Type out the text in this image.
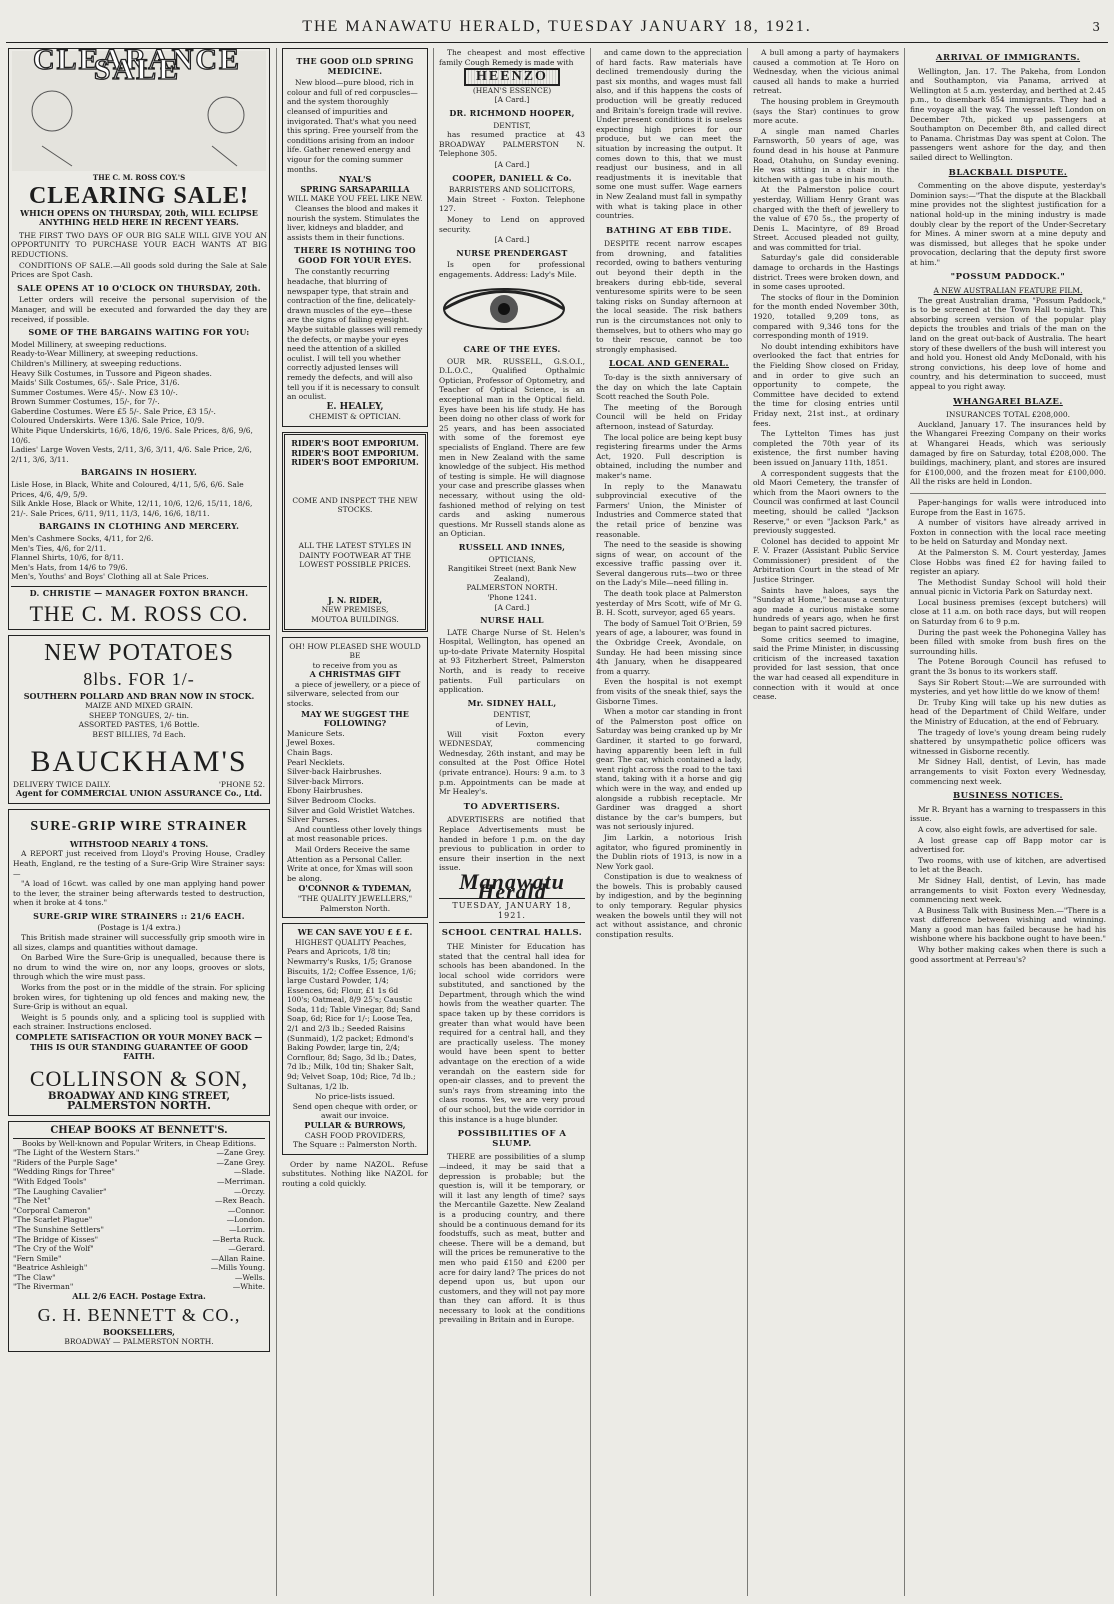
THE MANAWATU HERALD, TUESDAY JANUARY 18, 1921.	3
CLEARANCE SALE
THE C. M. ROSS COY.'S
CLEARING SALE!
WHICH OPENS ON THURSDAY, 20th, WILL ECLIPSE ANYTHING HELD HERE IN RECENT YEARS.
THE FIRST TWO DAYS OF OUR BIG SALE WILL GIVE YOU AN OPPORTUNITY TO PURCHASE YOUR EACH WANTS AT BIG REDUCTIONS.
CONDITIONS OF SALE.—All goods sold during the Sale at Sale Prices are Spot Cash.
SALE OPENS AT 10 O'CLOCK ON THURSDAY, 20th.
Letter orders will receive the personal supervision of the Manager, and will be executed and forwarded the day they are received, if possible.
SOME OF THE BARGAINS WAITING FOR YOU:
Model Millinery, at sweeping reductions.
Ready-to-Wear Millinery, at sweeping reductions.
Children's Millinery, at sweeping reductions.
Heavy Silk Costumes, in Tussore and Pigeon shades.
Maids' Silk Costumes, 65/-. Sale Price, 31/6.
Summer Costumes. Were 45/-. Now £3 10/-.
Brown Summer Costumes, 15/-, for 7/-.
Gaberdine Costumes. Were £5 5/-. Sale Price, £3 15/-.
Coloured Underskirts. Were 13/6. Sale Price, 10/9.
White Pique Underskirts, 16/6, 18/6, 19/6. Sale Prices, 8/6, 9/6, 10/6.
Ladies' Large Woven Vests, 2/11, 3/6, 3/11, 4/6. Sale Price, 2/6, 2/11, 3/6, 3/11.
BARGAINS IN HOSIERY.
Lisle Hose, in Black, White and Coloured, 4/11, 5/6, 6/6. Sale Prices, 4/6, 4/9, 5/9.
Silk Ankle Hose, Black or White, 12/11, 10/6, 12/6, 15/11, 18/6, 21/-. Sale Prices, 6/11, 9/11, 11/3, 14/6, 16/6, 18/11.
BARGAINS IN CLOTHING AND MERCERY.
Men's Cashmere Socks, 4/11, for 2/6.
Men's Ties, 4/6, for 2/11.
Flannel Shirts, 10/6, for 8/11.
Men's Hats, from 14/6 to 79/6.
Men's, Youths' and Boys' Clothing all at Sale Prices.
D. CHRISTIE — MANAGER FOXTON BRANCH.
THE C. M. ROSS CO.
NEW POTATOES
8lbs. FOR 1/-
SOUTHERN POLLARD AND BRAN NOW IN STOCK.
MAIZE AND MIXED GRAIN.
SHEEP TONGUES, 2/- tin.
ASSORTED PASTES, 1/6 Bottle.
BEST BILLIES, 7d Each.
BAUCKHAM'S
DELIVERY TWICE DAILY.	'PHONE 52.
Agent for COMMERCIAL UNION ASSURANCE Co., Ltd.
SURE-GRIP WIRE STRAINER
WITHSTOOD NEARLY 4 TONS.
A REPORT just received from Lloyd's Proving House, Cradley Heath, England, re the testing of a Sure-Grip Wire Strainer says:—
"A load of 16cwt. was called by one man applying hand power to the lever, the strainer being afterwards tested to destruction, when it broke at 4 tons."
SURE-GRIP WIRE STRAINERS :: 21/6 EACH.
(Postage is 1/4 extra.)
This British made strainer will successfully grip smooth wire in all sizes, clamps and quantities without damage.
On Barbed Wire the Sure-Grip is unequalled, because there is no drum to wind the wire on, nor any loops, grooves or slots, through which the wire must pass.
Works from the post or in the middle of the strain. For splicing broken wires, for tightening up old fences and making new, the Sure-Grip is without an equal.
Weight is 5 pounds only, and a splicing tool is supplied with each strainer. Instructions enclosed.
COMPLETE SATISFACTION OR YOUR MONEY BACK —THIS IS OUR STANDING GUARANTEE OF GOOD FAITH.
COLLINSON & SON,
BROADWAY AND KING STREET,
PALMERSTON NORTH.
CHEAP BOOKS AT BENNETT'S.
Books by Well-known and Popular Writers, in Cheap Editions.
"The Light of the Western Stars."	—Zane Grey.
"Riders of the Purple Sage"	—Zane Grey.
"Wedding Rings for Three"	—Slade.
"With Edged Tools"	—Merriman.
"The Laughing Cavalier"	—Orczy.
"The Net"	—Rex Beach.
"Corporal Cameron"	—Connor.
"The Scarlet Plague"	—London.
"The Sunshine Settlers"	—Lorrim.
"The Bridge of Kisses"	—Berta Ruck.
"The Cry of the Wolf"	—Gerard.
"Fern Smile"	—Allan Raine.
"Beatrice Ashleigh"	—Mills Young.
"The Claw"	—Wells.
"The Riverman"	—White.
ALL 2/6 EACH. Postage Extra.
G. H. BENNETT & CO.,
BOOKSELLERS,
BROADWAY — PALMERSTON NORTH.
THE GOOD OLD SPRING MEDICINE.
New blood—pure blood, rich in colour and full of red corpuscles—and the system thoroughly cleansed of impurities and invigorated. That's what you need this spring. Free yourself from the conditions arising from an indoor life. Gather renewed energy and vigour for the coming summer months.
NYAL'S
SPRING SARSAPARILLA
WILL MAKE YOU FEEL LIKE NEW.
Cleanses the blood and makes it nourish the system. Stimulates the liver, kidneys and bladder, and assists them in their functions.
THERE IS NOTHING TOO GOOD FOR YOUR EYES.
The constantly recurring headache, that blurring of newspaper type, that strain and contraction of the fine, delicately-drawn muscles of the eye—these are the signs of failing eyesight. Maybe suitable glasses will remedy the defects, or maybe your eyes need the attention of a skilled oculist. I will tell you whether correctly adjusted lenses will remedy the defects, and will also tell you if it is necessary to consult an oculist.
E. HEALEY,
CHEMIST & OPTICIAN.
RIDER'S BOOT EMPORIUM.
RIDER'S BOOT EMPORIUM.
RIDER'S BOOT EMPORIUM.
COME AND INSPECT THE NEW STOCKS.
ALL THE LATEST STYLES IN DAINTY FOOTWEAR AT THE LOWEST POSSIBLE PRICES.
J. N. RIDER,
NEW PREMISES,
MOUTOA BUILDINGS.
OH! HOW PLEASED SHE WOULD BE
to receive from you as
A CHRISTMAS GIFT
a piece of jewellery, or a piece of silverware, selected from our stocks.
MAY WE SUGGEST THE FOLLOWING?
Manicure Sets.
Jewel Boxes.
Chain Bags.
Pearl Necklets.
Silver-back Hairbrushes.
Silver-back Mirrors.
Ebony Hairbrushes.
Silver Bedroom Clocks.
Silver and Gold Wristlet Watches.
Silver Purses.
And countless other lovely things at most reasonable prices.
Mail Orders Receive the same Attention as a Personal Caller. Write at once, for Xmas will soon be along.
O'CONNOR & TYDEMAN,
"THE QUALITY JEWELLERS,"
Palmerston North.
WE CAN SAVE YOU £ £ £.
HIGHEST QUALITY Peaches, Pears and Apricots, 1/8 tin; Newmarry's Rusks, 1/5; Granose Biscuits, 1/2; Coffee Essence, 1/6; large Custard Powder, 1/4; Essences, 6d; Flour, £1 1s 6d 100's; Oatmeal, 8/9 25's; Caustic Soda, 11d; Table Vinegar, 8d; Sand Soap, 6d; Rice for 1/-; Loose Tea, 2/1 and 2/3 lb.; Seeded Raisins (Sunmaid), 1/2 packet; Edmond's Baking Powder, large tin, 2/4; Cornflour, 8d; Sago, 3d lb.; Dates, 7d lb.; Milk, 10d tin; Shaker Salt, 9d; Velvet Soap, 10d; Rice, 7d lb.; Sultanas, 1/2 lb.
No price-lists issued.
Send open cheque with order, or await our invoice.
PULLAR & BURROWS,
CASH FOOD PROVIDERS,
The Square :: Palmerston North.
Order by name NAZOL. Refuse substitutes. Nothing like NAZOL for routing a cold quickly.
The cheapest and most effective family Cough Remedy is made with
HEENZO
(HEAN'S ESSENCE)
[A Card.]
DR. RICHMOND HOOPER,
DENTIST,
has resumed practice at 43 BROADWAY PALMERSTON N. Telephone 305.
[A Card.]
COOPER, DANIELL & Co.
BARRISTERS AND SOLICITORS,
Main Street - Foxton. Telephone 127.
Money to Lend on approved security.
[A Card.]
NURSE PRENDERGAST
Is open for professional engagements. Address: Lady's Mile.
CARE OF THE EYES.
OUR MR. RUSSELL, G.S.O.I., D.L.O.C., Qualified Opthalmic Optician, Professor of Optometry, and Teacher of Optical Science, is an exceptional man in the Optical field. Eyes have been his life study. He has been doing no other class of work for 25 years, and has been associated with some of the foremost eye specialists of England. There are few men in New Zealand with the same knowledge of the subject. His method of testing is simple. He will diagnose your case and prescribe glasses when necessary, without using the old-fashioned method of relying on test cards and asking numerous questions. Mr Russell stands alone as an Optician.
RUSSELL AND INNES,
OPTICIANS,
Rangitikei Street (next Bank New Zealand),
PALMERSTON NORTH.
'Phone 1241.
[A Card.]
NURSE HALL
LATE Charge Nurse of St. Helen's Hospital, Wellington, has opened an up-to-date Private Maternity Hospital at 93 Fitzherbert Street, Palmerston North, and is ready to receive patients. Full particulars on application.
Mr. SIDNEY HALL,
DENTIST,
of Levin,
Will visit Foxton every WEDNESDAY, commencing Wednesday, 26th instant, and may be consulted at the Post Office Hotel (private entrance). Hours: 9 a.m. to 3 p.m. Appointments can be made at Mr Healey's.
TO ADVERTISERS.
ADVERTISERS are notified that Replace Advertisements must be handed in before 1 p.m. on the day previous to publication in order to ensure their insertion in the next issue.
Manawatu Herald
TUESDAY, JANUARY 18, 1921.
SCHOOL CENTRAL HALLS.
THE Minister for Education has stated that the central hall idea for schools has been abandoned. In the local school wide corridors were substituted, and sanctioned by the Department, through which the wind howls from the weather quarter. The space taken up by these corridors is greater than what would have been required for a central hall, and they are practically useless. The money would have been spent to better advantage on the erection of a wide verandah on the eastern side for open-air classes, and to prevent the sun's rays from streaming into the class rooms. Yes, we are very proud of our school, but the wide corridor in this instance is a huge blunder.
POSSIBILITIES OF A SLUMP.
THERE are possibilities of a slump —indeed, it may be said that a depression is probable; but the question is, will it be temporary, or will it last any length of time? says the Mercantile Gazette. New Zealand is a producing country, and there should be a continuous demand for its foodstuffs, such as meat, butter and cheese. There will be a demand, but will the prices be remunerative to the men who paid £150 and £200 per acre for dairy land? The prices do not depend upon us, but upon our customers, and they will not pay more than they can afford. It is thus necessary to look at the conditions prevailing in Britain and in Europe.
and came down to the appreciation of hard facts. Raw materials have declined tremendously during the past six months, and wages must fall also, and if this happens the costs of production will be greatly reduced and Britain's foreign trade will revive. Under present conditions it is useless expecting high prices for our produce, but we can meet the situation by increasing the output. It comes down to this, that we must readjust our business, and in all readjustments it is inevitable that some one must suffer. Wage earners in New Zealand must fall in sympathy with what is taking place in other countries.
BATHING AT EBB TIDE.
DESPITE recent narrow escapes from drowning, and fatalities recorded, owing to bathers venturing out beyond their depth in the breakers during ebb-tide, several venturesome spirits were to be seen taking risks on Sunday afternoon at the local seaside. The risk bathers run is the circumstances not only to themselves, but to others who may go to their rescue, cannot be too strongly emphasised.
LOCAL AND GENERAL.
To-day is the sixth anniversary of the day on which the late Captain Scott reached the South Pole.
The meeting of the Borough Council will be held on Friday afternoon, instead of Saturday.
The local police are being kept busy registering firearms under the Arms Act, 1920. Full description is obtained, including the number and maker's name.
In reply to the Manawatu subprovincial executive of the Farmers' Union, the Minister of Industries and Commerce stated that the retail price of benzine was reasonable.
The need to the seaside is showing signs of wear, on account of the excessive traffic passing over it. Several dangerous ruts—two or three on the Lady's Mile—need filling in.
The death took place at Palmerston yesterday of Mrs Scott, wife of Mr G. B. H. Scott, surveyor, aged 65 years.
The body of Samuel Toit O'Brien, 59 years of age, a labourer, was found in the Oxbridge Creek, Avondale, on Sunday. He had been missing since 4th January, when he disappeared from a quarry.
Even the hospital is not exempt from visits of the sneak thief, says the Gisborne Times.
When a motor car standing in front of the Palmerston post office on Saturday was being cranked up by Mr Gardiner, it started to go forward, having apparently been left in full gear. The car, which contained a lady, went right across the road to the taxi stand, taking with it a horse and gig which were in the way, and ended up alongside a rubbish receptacle. Mr Gardiner was dragged a short distance by the car's bumpers, but was not seriously injured.
Jim Larkin, a notorious Irish agitator, who figured prominently in the Dublin riots of 1913, is now in a New York gaol.
Constipation is due to weakness of the bowels. This is probably caused by indigestion, and by the beginning to only temporary. Regular physics weaken the bowels until they will not act without assistance, and chronic constipation results.
A bull among a party of haymakers caused a commotion at Te Horo on Wednesday, when the vicious animal caused all hands to make a hurried retreat.
The housing problem in Greymouth (says the Star) continues to grow more acute.
A single man named Charles Farnsworth, 50 years of age, was found dead in his house at Panmure Road, Otahuhu, on Sunday evening. He was sitting in a chair in the kitchen with a gas tube in his mouth.
At the Palmerston police court yesterday, William Henry Grant was charged with the theft of jewellery to the value of £70 5s., the property of Denis L. Macintyre, of 89 Broad Street. Accused pleaded not guilty, and was committed for trial.
Saturday's gale did considerable damage to orchards in the Hastings district. Trees were broken down, and in some cases uprooted.
The stocks of flour in the Dominion for the month ended November 30th, 1920, totalled 9,209 tons, as compared with 9,346 tons for the corresponding month of 1919.
No doubt intending exhibitors have overlooked the fact that entries for the Fielding Show closed on Friday, and in order to give such an opportunity to compete, the Committee have decided to extend the time for closing entries until Friday next, 21st inst., at ordinary fees.
The Lyttelton Times has just completed the 70th year of its existence, the first number having been issued on January 11th, 1851.
A correspondent suggests that the old Maori Cemetery, the transfer of which from the Maori owners to the Council was confirmed at last Council meeting, should be called "Jackson Reserve," or even "Jackson Park," as previously suggested.
Colonel has decided to appoint Mr F. V. Frazer (Assistant Public Service Commissioner) president of the Arbitration Court in the stead of Mr Justice Stringer.
Saints have haloes, says the "Sunday at Home," because a century ago made a curious mistake some hundreds of years ago, when he first began to paint sacred pictures.
Some critics seemed to imagine, said the Prime Minister, in discussing criticism of the increased taxation provided for last session, that once the war had ceased all expenditure in connection with it would at once cease.
ARRIVAL OF IMMIGRANTS.
Wellington, Jan. 17. The Pakeha, from London and Southampton, via Panama, arrived at Wellington at 5 a.m. yesterday, and berthed at 2.45 p.m., to disembark 854 immigrants. They had a fine voyage all the way. The vessel left London on December 7th, picked up passengers at Southampton on December 8th, and called direct to Panama. Christmas Day was spent at Colon. The passengers went ashore for the day, and then sailed direct to Wellington.
BLACKBALL DISPUTE.
Commenting on the above dispute, yesterday's Dominion says:—"That the dispute at the Blackball mine provides not the slightest justification for a national hold-up in the mining industry is made doubly clear by the report of the Under-Secretary for Mines. A miner sworn at a mine deputy and was dismissed, but alleges that he spoke under provocation, declaring that the deputy first swore at him."
"POSSUM PADDOCK."
A NEW AUSTRALIAN FEATURE FILM.
The great Australian drama, "Possum Paddock," is to be screened at the Town Hall to-night. This absorbing screen version of the popular play depicts the troubles and trials of the man on the land on the great out-back of Australia. The heart story of these dwellers of the bush will interest you and hold you. Honest old Andy McDonald, with his strong convictions, his deep love of home and country, and his determination to succeed, must appeal to you right away.
WHANGAREI BLAZE.
INSURANCES TOTAL £208,000.
Auckland, January 17. The insurances held by the Whangarei Freezing Company on their works at Whangarei Heads, which was seriously damaged by fire on Saturday, total £208,000. The buildings, machinery, plant, and stores are insured for £100,000, and the frozen meat for £100,000. All the risks are held in London.
Paper-hangings for walls were introduced into Europe from the East in 1675.
A number of visitors have already arrived in Foxton in connection with the local race meeting to be held on Saturday and Monday next.
At the Palmerston S. M. Court yesterday, James Close Hobbs was fined £2 for having failed to register an apiary.
The Methodist Sunday School will hold their annual picnic in Victoria Park on Saturday next.
Local business premises (except butchers) will close at 11 a.m. on both race days, but will reopen on Saturday from 6 to 9 p.m.
During the past week the Pohonegina Valley has been filled with smoke from bush fires on the surrounding hills.
The Potene Borough Council has refused to grant the 3s bonus to its workers staff.
Says Sir Robert Stout:—We are surrounded with mysteries, and yet how little do we know of them!
Dr. Truby King will take up his new duties as head of the Department of Child Welfare, under the Ministry of Education, at the end of February.
The tragedy of love's young dream being rudely shattered by unsympathetic police officers was witnessed in Gisborne recently.
Mr Sidney Hall, dentist, of Levin, has made arrangements to visit Foxton every Wednesday, commencing next week.
BUSINESS NOTICES.
Mr R. Bryant has a warning to trespassers in this issue.
A cow, also eight fowls, are advertised for sale.
A lost grease cap off Bapp motor car is advertised for.
Two rooms, with use of kitchen, are advertised to let at the Beach.
Mr Sidney Hall, dentist, of Levin, has made arrangements to visit Foxton every Wednesday, commencing next week.
A Business Talk with Business Men.—"There is a vast difference between wishing and winning. Many a good man has failed because he had his wishbone where his backbone ought to have been."
Why bother making cakes when there is such a good assortment at Perreau's?
